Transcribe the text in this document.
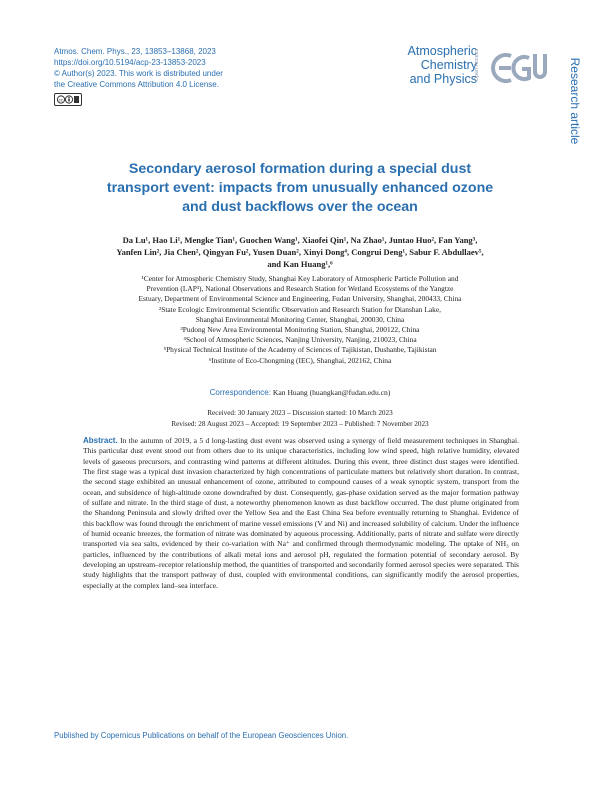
Atmos. Chem. Phys., 23, 13853–13868, 2023
https://doi.org/10.5194/acp-23-13853-2023
© Author(s) 2023. This work is distributed under
the Creative Commons Attribution 4.0 License.
cc
Atmospheric
Chemistry
and Physics
Open Access	Research article
Secondary aerosol formation during a special dust
transport event: impacts from unusually enhanced ozone
and dust backflows over the ocean
Da Lu¹, Hao Li¹, Mengke Tian¹, Guochen Wang¹, Xiaofei Qin¹, Na Zhao¹, Juntao Huo², Fan Yang³,
Yanfen Lin², Jia Chen², Qingyan Fu², Yusen Duan², Xinyi Dong⁴, Congrui Deng¹, Sabur F. Abdullaev⁵,
and Kan Huang¹,⁶
¹Center for Atmospheric Chemistry Study, Shanghai Key Laboratory of Atmospheric Particle Pollution and
Prevention (LAP³), National Observations and Research Station for Wetland Ecosystems of the Yangtze
Estuary, Department of Environmental Science and Engineering, Fudan University, Shanghai, 200433, China
²State Ecologic Environmental Scientific Observation and Research Station for Dianshan Lake,
Shanghai Environmental Monitoring Center, Shanghai, 200030, China
³Pudong New Area Environmental Monitoring Station, Shanghai, 200122, China
⁴School of Atmospheric Sciences, Nanjing University, Nanjing, 210023, China
⁵Physical Technical Institute of the Academy of Sciences of Tajikistan, Dushanbe, Tajikistan
⁶Institute of Eco-Chongming (IEC), Shanghai, 202162, China
Correspondence: Kan Huang (huangkan@fudan.edu.cn)
Received: 30 January 2023 – Discussion started: 10 March 2023
Revised: 28 August 2023 – Accepted: 19 September 2023 – Published: 7 November 2023
Abstract. In the autumn of 2019, a 5 d long-lasting dust event was observed using a synergy of field measurement techniques in Shanghai. This particular dust event stood out from others due to its unique characteristics, including low wind speed, high relative humidity, elevated levels of gaseous precursors, and contrasting wind patterns at different altitudes. During this event, three distinct dust stages were identified. The first stage was a typical dust invasion characterized by high concentrations of particulate matters but relatively short duration. In contrast, the second stage exhibited an unusual enhancement of ozone, attributed to compound causes of a weak synoptic system, transport from the ocean, and subsidence of high-altitude ozone downdrafted by dust. Consequently, gas-phase oxidation served as the major formation pathway of sulfate and nitrate. In the third stage of dust, a noteworthy phenomenon known as dust backflow occurred. The dust plume originated from the Shandong Peninsula and slowly drifted over the Yellow Sea and the East China Sea before eventually returning to Shanghai. Evidence of this backflow was found through the enrichment of marine vessel emissions (V and Ni) and increased solubility of calcium. Under the influence of humid oceanic breezes, the formation of nitrate was dominated by aqueous processing. Additionally, parts of nitrate and sulfate were directly transported via sea salts, evidenced by their co-variation with Na⁺ and confirmed through thermodynamic modeling. The uptake of NH₃ on particles, influenced by the contributions of alkali metal ions and aerosol pH, regulated the formation potential of secondary aerosol. By developing an upstream–receptor relationship method, the quantities of transported and secondarily formed aerosol species were separated. This study highlights that the transport pathway of dust, coupled with environmental conditions, can significantly modify the aerosol properties, especially at the complex land–sea interface.
Published by Copernicus Publications on behalf of the European Geosciences Union.
